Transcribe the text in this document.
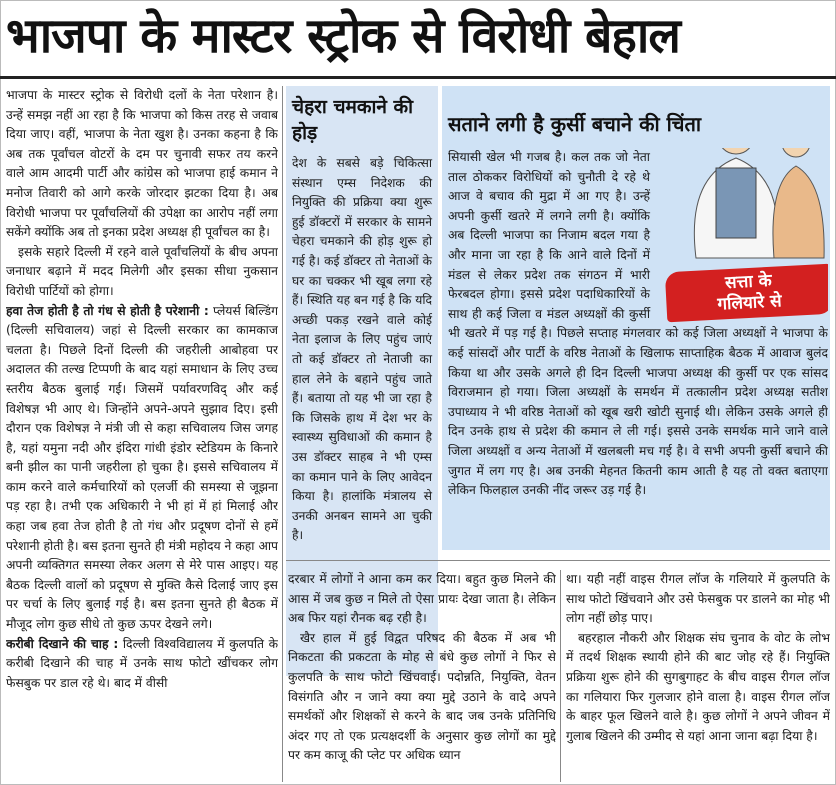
भाजपा के मास्टर स्ट्रोक से विरोधी बेहाल

भाजपा के मास्टर स्ट्रोक से विरोधी दलों के नेता परेशान है। उन्हें समझ नहीं आ रहा है कि भाजपा को किस तरह से जवाब दिया जाए। वहीं, भाजपा के नेता खुश है। उनका कहना है कि अब तक पूर्वांचल वोटरों के दम पर चुनावी सफर तय करने वाले आम आदमी पार्टी और कांग्रेस को भाजपा हाई कमान ने मनोज तिवारी को आगे करके जोरदार झटका दिया है। अब विरोधी भाजपा पर पूर्वांचलियों की उपेक्षा का आरोप नहीं लगा सकेंगे क्योंकि अब तो इनका प्रदेश अध्यक्ष ही पूर्वांचल का है।

इसके सहारे दिल्ली में रहने वाले पूर्वांचलियों के बीच अपना जनाधार बढ़ाने में मदद मिलेगी और इसका सीधा नुकसान विरोधी पार्टियों को होगा।

हवा तेज होती है तो गंध से होती है परेशानी : प्लेयर्स बिल्डिंग (दिल्ली सचिवालय) जहां से दिल्ली सरकार का कामकाज चलता है। पिछले दिनों दिल्ली की जहरीली आबोहवा पर अदालत की तल्ख टिप्पणी के बाद यहां समाधान के लिए उच्च स्तरीय बैठक बुलाई गई। जिसमें पर्यावरणविद् और कई विशेषज्ञ भी आए थे। जिन्होंने अपने-अपने सुझाव दिए। इसी दौरान एक विशेषज्ञ ने मंत्री जी से कहा सचिवालय जिस जगह है, यहां यमुना नदी और इंदिरा गांधी इंडोर स्टेडियम के किनारे बनी झील का पानी जहरीला हो चुका है। इससे सचिवालय में काम करने वाले कर्मचारियों को एलर्जी की समस्या से जूझना पड़ रहा है। तभी एक अधिकारी ने भी हां में हां मिलाई और कहा जब हवा तेज होती है तो गंध और प्रदूषण दोनों से हमें परेशानी होती है। बस इतना सुनते ही मंत्री महोदय ने कहा आप अपनी व्यक्तिगत समस्या लेकर अलग से मेरे पास आइए। यह बैठक दिल्ली वालों को प्रदूषण से मुक्ति कैसे दिलाई जाए इस पर चर्चा के लिए बुलाई गई है। बस इतना सुनते ही बैठक में मौजूद लोग कुछ सीधे तो कुछ ऊपर देखने लगे।

करीबी दिखाने की चाह : दिल्ली विश्वविद्यालय में कुलपति के करीबी दिखाने की चाह में उनके साथ फोटो खींचकर लोग फेसबुक पर डाल रहे थे। बाद में वीसी

चेहरा चमकाने की होड़
देश के सबसे बड़े चिकित्सा संस्थान एम्स निदेशक की नियुक्ति की प्रक्रिया क्या शुरू हुई डॉक्टरों में सरकार के सामने चेहरा चमकाने की होड़ शुरू हो गई है। कई डॉक्टर तो नेताओं के घर का चक्कर भी खूब लगा रहे हैं। स्थिति यह बन गई है कि यदि अच्छी पकड़ रखने वाले कोई नेता इलाज के लिए पहुंच जाएं तो कई डॉक्टर तो नेताजी का हाल लेने के बहाने पहुंच जाते हैं। बताया तो यह भी जा रहा है कि जिसके हाथ में देश भर के स्वास्थ्य सुविधाओं की कमान है उस डॉक्टर साहब ने भी एम्स का कमान पाने के लिए आवेदन किया है। हालांकि मंत्रालय से उनकी अनबन सामने आ चुकी है।
सताने लगी है कुर्सी बचाने की चिंता
सत्ता के
गलियारे से
सियासी खेल भी गजब है। कल तक जो नेता ताल ठोककर विरोधियों को चुनौती दे रहे थे आज वे बचाव की मुद्रा में आ गए है। उन्हें अपनी कुर्सी खतरे में लगने लगी है। क्योंकि अब दिल्ली भाजपा का निजाम बदल गया है और माना जा रहा है कि आने वाले दिनों में मंडल से लेकर प्रदेश तक संगठन में भारी फेरबदल होगा। इससे प्रदेश पदाधिकारियों के साथ ही कई जिला व मंडल अध्यक्षों की कुर्सी भी खतरे में पड़ गई है। पिछले सप्ताह मंगलवार को कई जिला अध्यक्षों ने भाजपा के कई सांसदों और पार्टी के वरिष्ठ नेताओं के खिलाफ साप्ताहिक बैठक में आवाज बुलंद किया था और उसके अगले ही दिन दिल्ली भाजपा अध्यक्ष की कुर्सी पर एक सांसद विराजमान हो गया। जिला अध्यक्षों के समर्थन में तत्कालीन प्रदेश अध्यक्ष सतीश उपाध्याय ने भी वरिष्ठ नेताओं को खूब खरी खोटी सुनाई थी। लेकिन उसके अगले ही दिन उनके हाथ से प्रदेश की कमान ले ली गई। इससे उनके समर्थक माने जाने वाले जिला अध्यक्षों व अन्य नेताओं में खलबली मच गई है। वे सभी अपनी कुर्सी बचाने की जुगत में लग गए है। अब उनकी मेहनत कितनी काम आती है यह तो वक्त बताएगा लेकिन फिलहाल उनकी नींद जरूर उड़ गई है।

दरबार में लोगों ने आना कम कर दिया। बहुत कुछ मिलने की आस में जब कुछ न मिले तो ऐसा प्रायः देखा जाता है। लेकिन अब फिर यहां रौनक बढ़ रही है।

खैर हाल में हुई विद्वत परिषद की बैठक में अब भी निकटता की प्रकटता के मोह से बंधे कुछ लोगों ने फिर से कुलपति के साथ फोटो खिंचवाई। पदोन्नति, नियुक्ति, वेतन विसंगति और न जाने क्या क्या मुद्दे उठाने के वादे अपने समर्थकों और शिक्षकों से करने के बाद जब उनके प्रतिनिधि अंदर गए तो एक प्रत्यक्षदर्शी के अनुसार कुछ लोगों का मुद्दे पर कम काजू की प्लेट पर अधिक ध्यान

था। यही नहीं वाइस रीगल लॉज के गलियारे में कुलपति के साथ फोटो खिंचवाने और उसे फेसबुक पर डालने का मोह भी लोग नहीं छोड़ पाए।

बहरहाल नौकरी और शिक्षक संघ चुनाव के वोट के लोभ में तदर्थ शिक्षक स्थायी होने की बाट जोह रहे हैं। नियुक्ति प्रक्रिया शुरू होने की सुगबुगाहट के बीच वाइस रीगल लॉज का गलियारा फिर गुलजार होने वाला है। वाइस रीगल लॉज के बाहर फूल खिलने वाले है। कुछ लोगों ने अपने जीवन में गुलाब खिलने की उम्मीद से यहां आना जाना बढ़ा दिया है।
